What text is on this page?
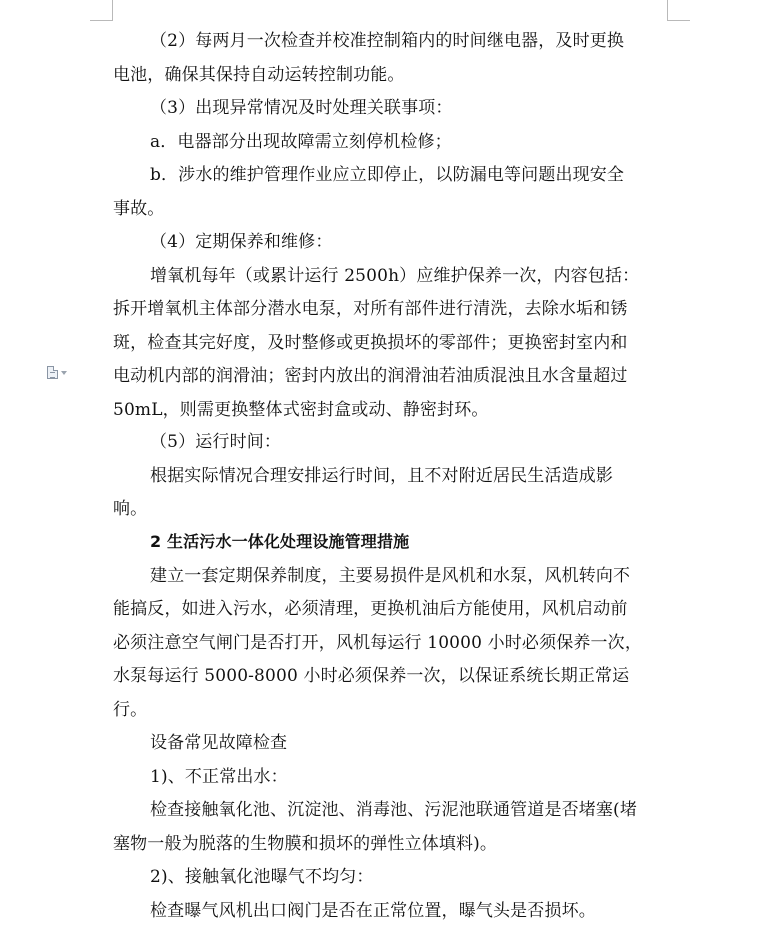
（2）每两月一次检查并校准控制箱内的时间继电器，及时更换
电池，确保其保持自动运转控制功能。
（3）出现异常情况及时处理关联事项：
a．电器部分出现故障需立刻停机检修；
b．涉水的维护管理作业应立即停止，以防漏电等问题出现安全
事故。
（4）定期保养和维修：
增氧机每年（或累计运行 2500h）应维护保养一次，内容包括：
拆开增氧机主体部分潜水电泵，对所有部件进行清洗，去除水垢和锈
斑，检查其完好度，及时整修或更换损坏的零部件；更换密封室内和
电动机内部的润滑油；密封内放出的润滑油若油质混浊且水含量超过
50mL，则需更换整体式密封盒或动、静密封环。
（5）运行时间：
根据实际情况合理安排运行时间，且不对附近居民生活造成影
响。
2 生活污水一体化处理设施管理措施
建立一套定期保养制度，主要易损件是风机和水泵，风机转向不
能搞反，如进入污水，必须清理，更换机油后方能使用，风机启动前
必须注意空气闸门是否打开，风机每运行 10000 小时必须保养一次，
水泵每运行 5000-8000 小时必须保养一次，以保证系统长期正常运
行。
设备常见故障检查
1)、不正常出水：
检查接触氧化池、沉淀池、消毒池、污泥池联通管道是否堵塞(堵
塞物一般为脱落的生物膜和损坏的弹性立体填料)。
2)、接触氧化池曝气不均匀：
检查曝气风机出口阀门是否在正常位置，曝气头是否损坏。
